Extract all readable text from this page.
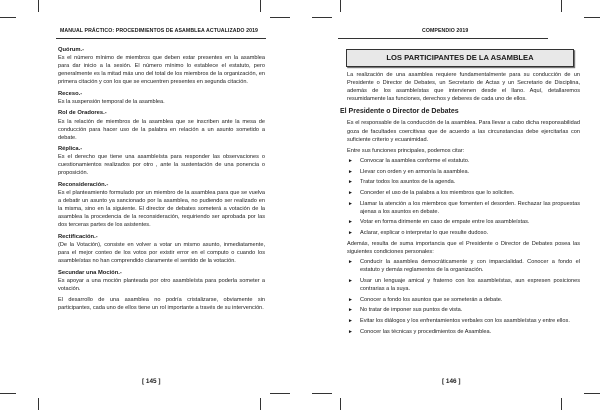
MANUAL PRÁCTICO: PROCEDIMIENTOS DE ASAMBLEA ACTUALIZADO 2019
Quórum.-

Es el número mínimo de miembros que deben estar presentes en la asamblea para dar inicio a la sesión. El número mínimo lo establece el estatuto, pero generalmente es la mitad más uno del total de los miembros de la organización, en primera citación y con los que se encuentren presentes en segunda citación.

Receso.-

Es la suspensión temporal de la asamblea.

Rol de Oradores.-

Es la relación de miembros de la asamblea que se inscriben ante la mesa de conducción para hacer uso de la palabra en relación a un asunto sometido a debate.

Réplica.-

Es el derecho que tiene una asambleísta para responder las observaciones o cuestionamientos realizados por otro , ante la sustentación de una ponencia o proposición.

Reconsideración.-

Es el planteamiento formulado por un miembro de la asamblea para que se vuelva a debatir un asunto ya sancionado por la asamblea, no pudiendo ser realizado en la misma, sino en la siguiente. El director de debates someterá a votación de la asamblea la procedencia de la reconsideración, requiriendo ser aprobada por las dos terceras partes de los asistentes.

Rectificación.-

(De la Votación), consiste en volver a votar un mismo asunto, inmediatamente, para el mejor conteo de los votos por existir error en el computo o cuando los asambleístas no han comprendido claramente el sentido de la votación.

Secundar una Moción.-

Es apoyar a una moción planteada por otro asambleísta para poderla someter a votación.

El desarrollo de una asamblea no podría cristalizarse, obviamente sin participantes, cada uno de ellos tiene un rol importante a través de su intervención.

[ 145 ]
COMPENDIO 2019
LOS PARTICIPANTES DE LA ASAMBLEA

La realización de una asamblea requiere fundamentalmente para su conducción de un Presidente o Director de Debates, un Secretario de Actas y un Secretario de Disciplina, además de los asambleístas que intervienen desde el llano. Aquí, detallaremos resumidamente las funciones, derechos y deberes de cada uno de ellos.

El Presidente o Director de Debates

Es el responsable de la conducción de la asamblea. Para llevar a cabo dicha responsabilidad goza de facultades coercitivas que de acuerdo a las circunstancias debe ejercitarlas con suficiente criterio y ecuanimidad.

Entre sus funciones principales, podemos citar:

► Convocar la asamblea conforme el estatuto.
► Llevar con orden y en armonía la asamblea.
► Tratar todos los asuntos de la agenda.
► Conceder el uso de la palabra a los miembros que lo soliciten.
► Llamar la atención a los miembros que fomenten el desorden. Rechazar las propuestas ajenas a los asuntos en debate.
► Votar en forma dirimente en caso de empate entre los asambleístas.
► Aclarar, explicar o interpretar lo que resulte dudoso.

Además, resulta de suma importancia que el Presidente o Director de Debates posea las siguientes condiciones personales:

► Conducir la asamblea democráticamente y con imparcialidad. Conocer a fondo el estatuto y demás reglamentos de la organización.
► Usar un lenguaje amical y fraterno con los asambleístas, aun expresen posiciones contrarias a la suya.
► Conocer a fondo los asuntos que se someterán a debate.
► No tratar de imponer sus puntos de vista.
► Evitar los diálogos y los enfrentamientos verbales con los asambleístas y entre ellos.
► Conocer las técnicas y procedimientos de Asamblea.
[ 146 ]
